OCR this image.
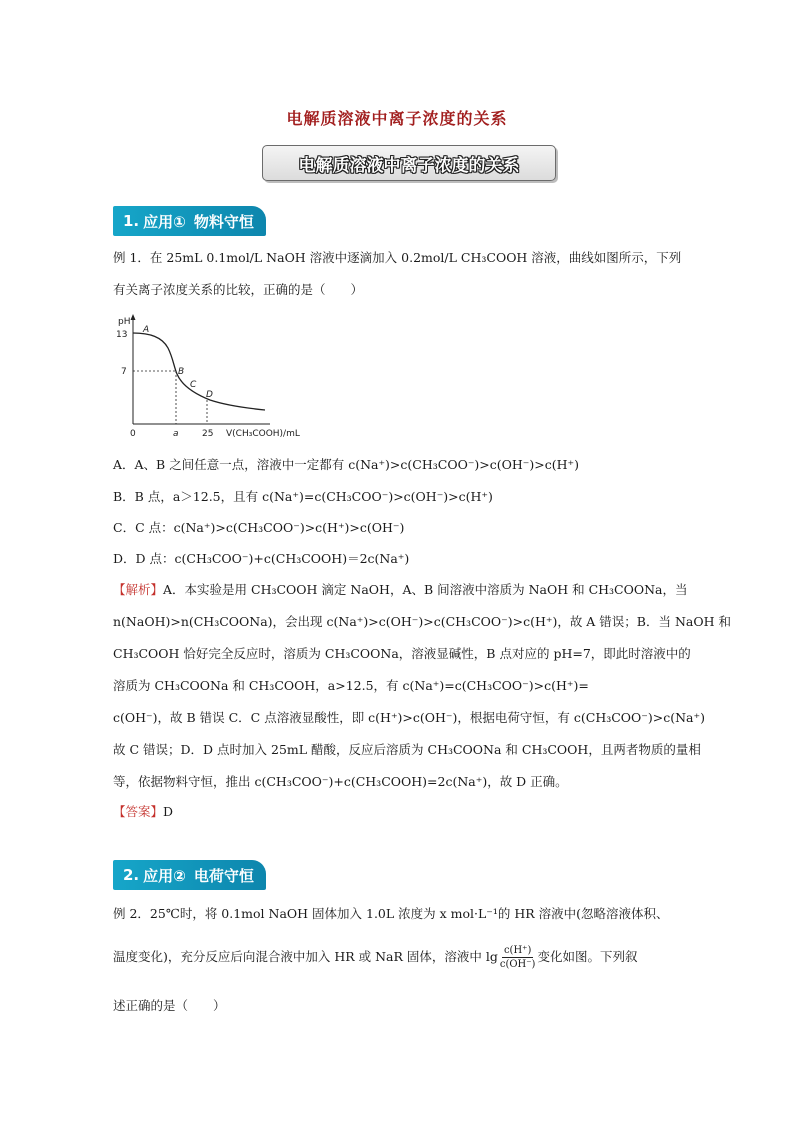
电解质溶液中离子浓度的关系
电解质溶液中离子浓度的关系
1. 应用① 物料守恒
例 1．在 25mL 0.1mol/L NaOH 溶液中逐滴加入 0.2mol/L CH₃COOH 溶液，曲线如图所示，下列
有关离子浓度关系的比较，正确的是（　　）
pH
13
7
0	a	25 V(CH₃COOH)/mL
A
B
C
D
A．A、B 之间任意一点，溶液中一定都有 c(Na⁺)>c(CH₃COO⁻)>c(OH⁻)>c(H⁺)
B．B 点，a＞12.5，且有 c(Na⁺)=c(CH₃COO⁻)>c(OH⁻)>c(H⁺)
C．C 点：c(Na⁺)>c(CH₃COO⁻)>c(H⁺)>c(OH⁻)
D．D 点：c(CH₃COO⁻)+c(CH₃COOH)＝2c(Na⁺)
【解析】A．本实验是用 CH₃COOH 滴定 NaOH，A、B 间溶液中溶质为 NaOH 和 CH₃COONa，当
n(NaOH)>n(CH₃COONa)，会出现 c(Na⁺)>c(OH⁻)>c(CH₃COO⁻)>c(H⁺)，故 A 错误；B．当 NaOH 和
CH₃COOH 恰好完全反应时，溶质为 CH₃COONa，溶液显碱性，B 点对应的 pH=7，即此时溶液中的
溶质为 CH₃COONa 和 CH₃COOH，a>12.5，有 c(Na⁺)=c(CH₃COO⁻)>c(H⁺)=
c(OH⁻)，故 B 错误 C．C 点溶液显酸性，即 c(H⁺)>c(OH⁻)，根据电荷守恒，有 c(CH₃COO⁻)>c(Na⁺)
故 C 错误；D．D 点时加入 25mL 醋酸，反应后溶质为 CH₃COONa 和 CH₃COOH，且两者物质的量相
等，依据物料守恒，推出 c(CH₃COO⁻)+c(CH₃COOH)=2c(Na⁺)，故 D 正确。
【答案】D
2. 应用② 电荷守恒
例 2．25℃时，将 0.1mol NaOH 固体加入 1.0L 浓度为 x mol·L⁻¹的 HR 溶液中(忽略溶液体积、
温度变化)，充分反应后向混合液中加入 HR 或 NaR 固体，溶液中 $\lg \frac{c(H^+)}{c(OH^-)}$ 变化如图。下列叙
述正确的是（　　）
